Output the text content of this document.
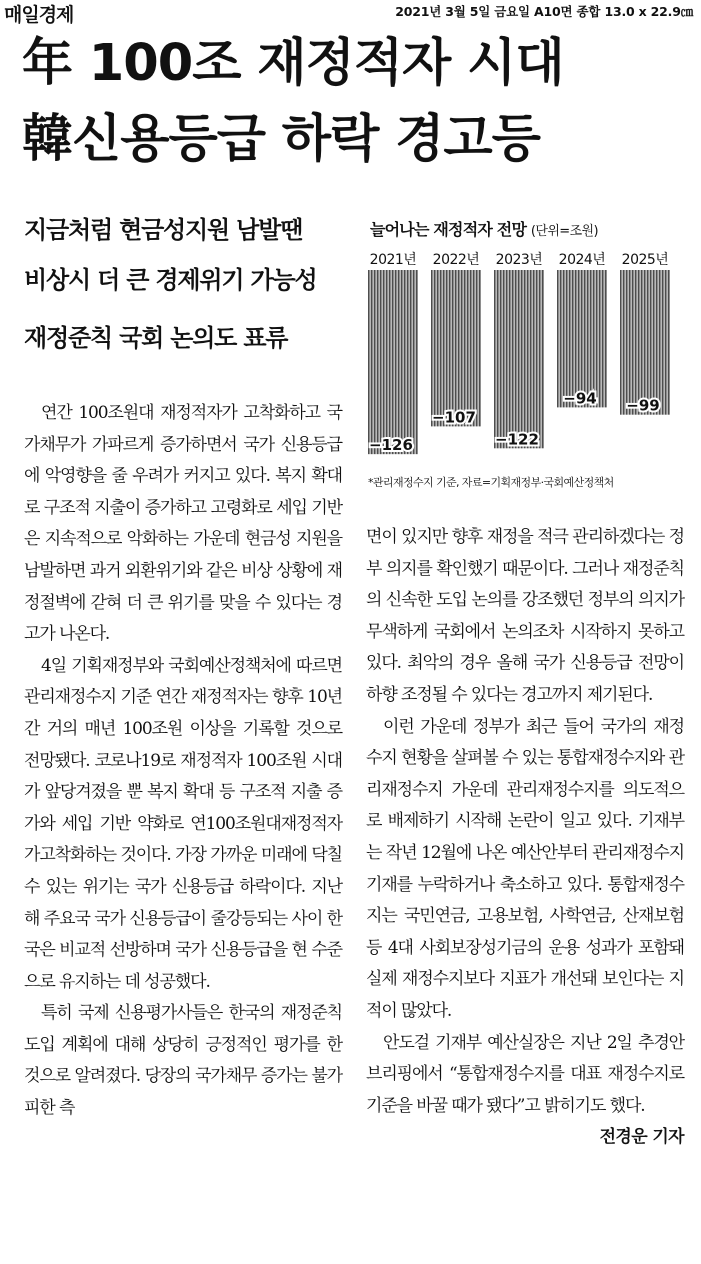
매일경제	2021년 3월 5일 금요일 A10면 종합 13.0 x 22.9㎝
年 100조 재정적자 시대
韓신용등급 하락 경고등
지금처럼 현금성지원 남발땐
비상시 더 큰 경제위기 가능성
재정준칙 국회 논의도 표류
늘어나는 재정적자 전망 (단위=조원)
2021년
−126
2022년
−107
2023년
−122
2024년
−94
2025년
−99
*관리재정수지 기준, 자료=기획재정부·국회예산정책처

연간 100조원대 재정적자가 고착화하고 국가채무가 가파르게 증가하면서 국가 신용등급에 악영향을 줄 우려가 커지고 있다. 복지 확대로 구조적 지출이 증가하고 고령화로 세입 기반은 지속적으로 악화하는 가운데 현금성 지원을 남발하면 과거 외환위기와 같은 비상 상황에 재정절벽에 갇혀 더 큰 위기를 맞을 수 있다는 경고가 나온다.

4일 기획재정부와 국회예산정책처에 따르면 관리재정수지 기준 연간 재정적자는 향후 10년간 거의 매년 100조원 이상을 기록할 것으로 전망됐다. 코로나19로 재정적자 100조원 시대가 앞당겨졌을 뿐 복지 확대 등 구조적 지출 증가와 세입 기반 약화로 연100조원대재정적자가고착화하는 것이다. 가장 가까운 미래에 닥칠 수 있는 위기는 국가 신용등급 하락이다. 지난해 주요국 국가 신용등급이 줄강등되는 사이 한국은 비교적 선방하며 국가 신용등급을 현 수준으로 유지하는 데 성공했다.

특히 국제 신용평가사들은 한국의 재정준칙 도입 계획에 대해 상당히 긍정적인 평가를 한 것으로 알려졌다. 당장의 국가채무 증가는 불가피한 측

면이 있지만 향후 재정을 적극 관리하겠다는 정부 의지를 확인했기 때문이다. 그러나 재정준칙의 신속한 도입 논의를 강조했던 정부의 의지가 무색하게 국회에서 논의조차 시작하지 못하고 있다. 최악의 경우 올해 국가 신용등급 전망이 하향 조정될 수 있다는 경고까지 제기된다.

이런 가운데 정부가 최근 들어 국가의 재정수지 현황을 살펴볼 수 있는 통합재정수지와 관리재정수지 가운데 관리재정수지를 의도적으로 배제하기 시작해 논란이 일고 있다. 기재부는 작년 12월에 나온 예산안부터 관리재정수지 기재를 누락하거나 축소하고 있다. 통합재정수지는 국민연금, 고용보험, 사학연금, 산재보험 등 4대 사회보장성기금의 운용 성과가 포함돼 실제 재정수지보다 지표가 개선돼 보인다는 지적이 많았다.

안도걸 기재부 예산실장은 지난 2일 추경안 브리핑에서 “통합재정수지를 대표 재정수지로 기준을 바꿀 때가 됐다”고 밝히기도 했다.
전경운 기자
